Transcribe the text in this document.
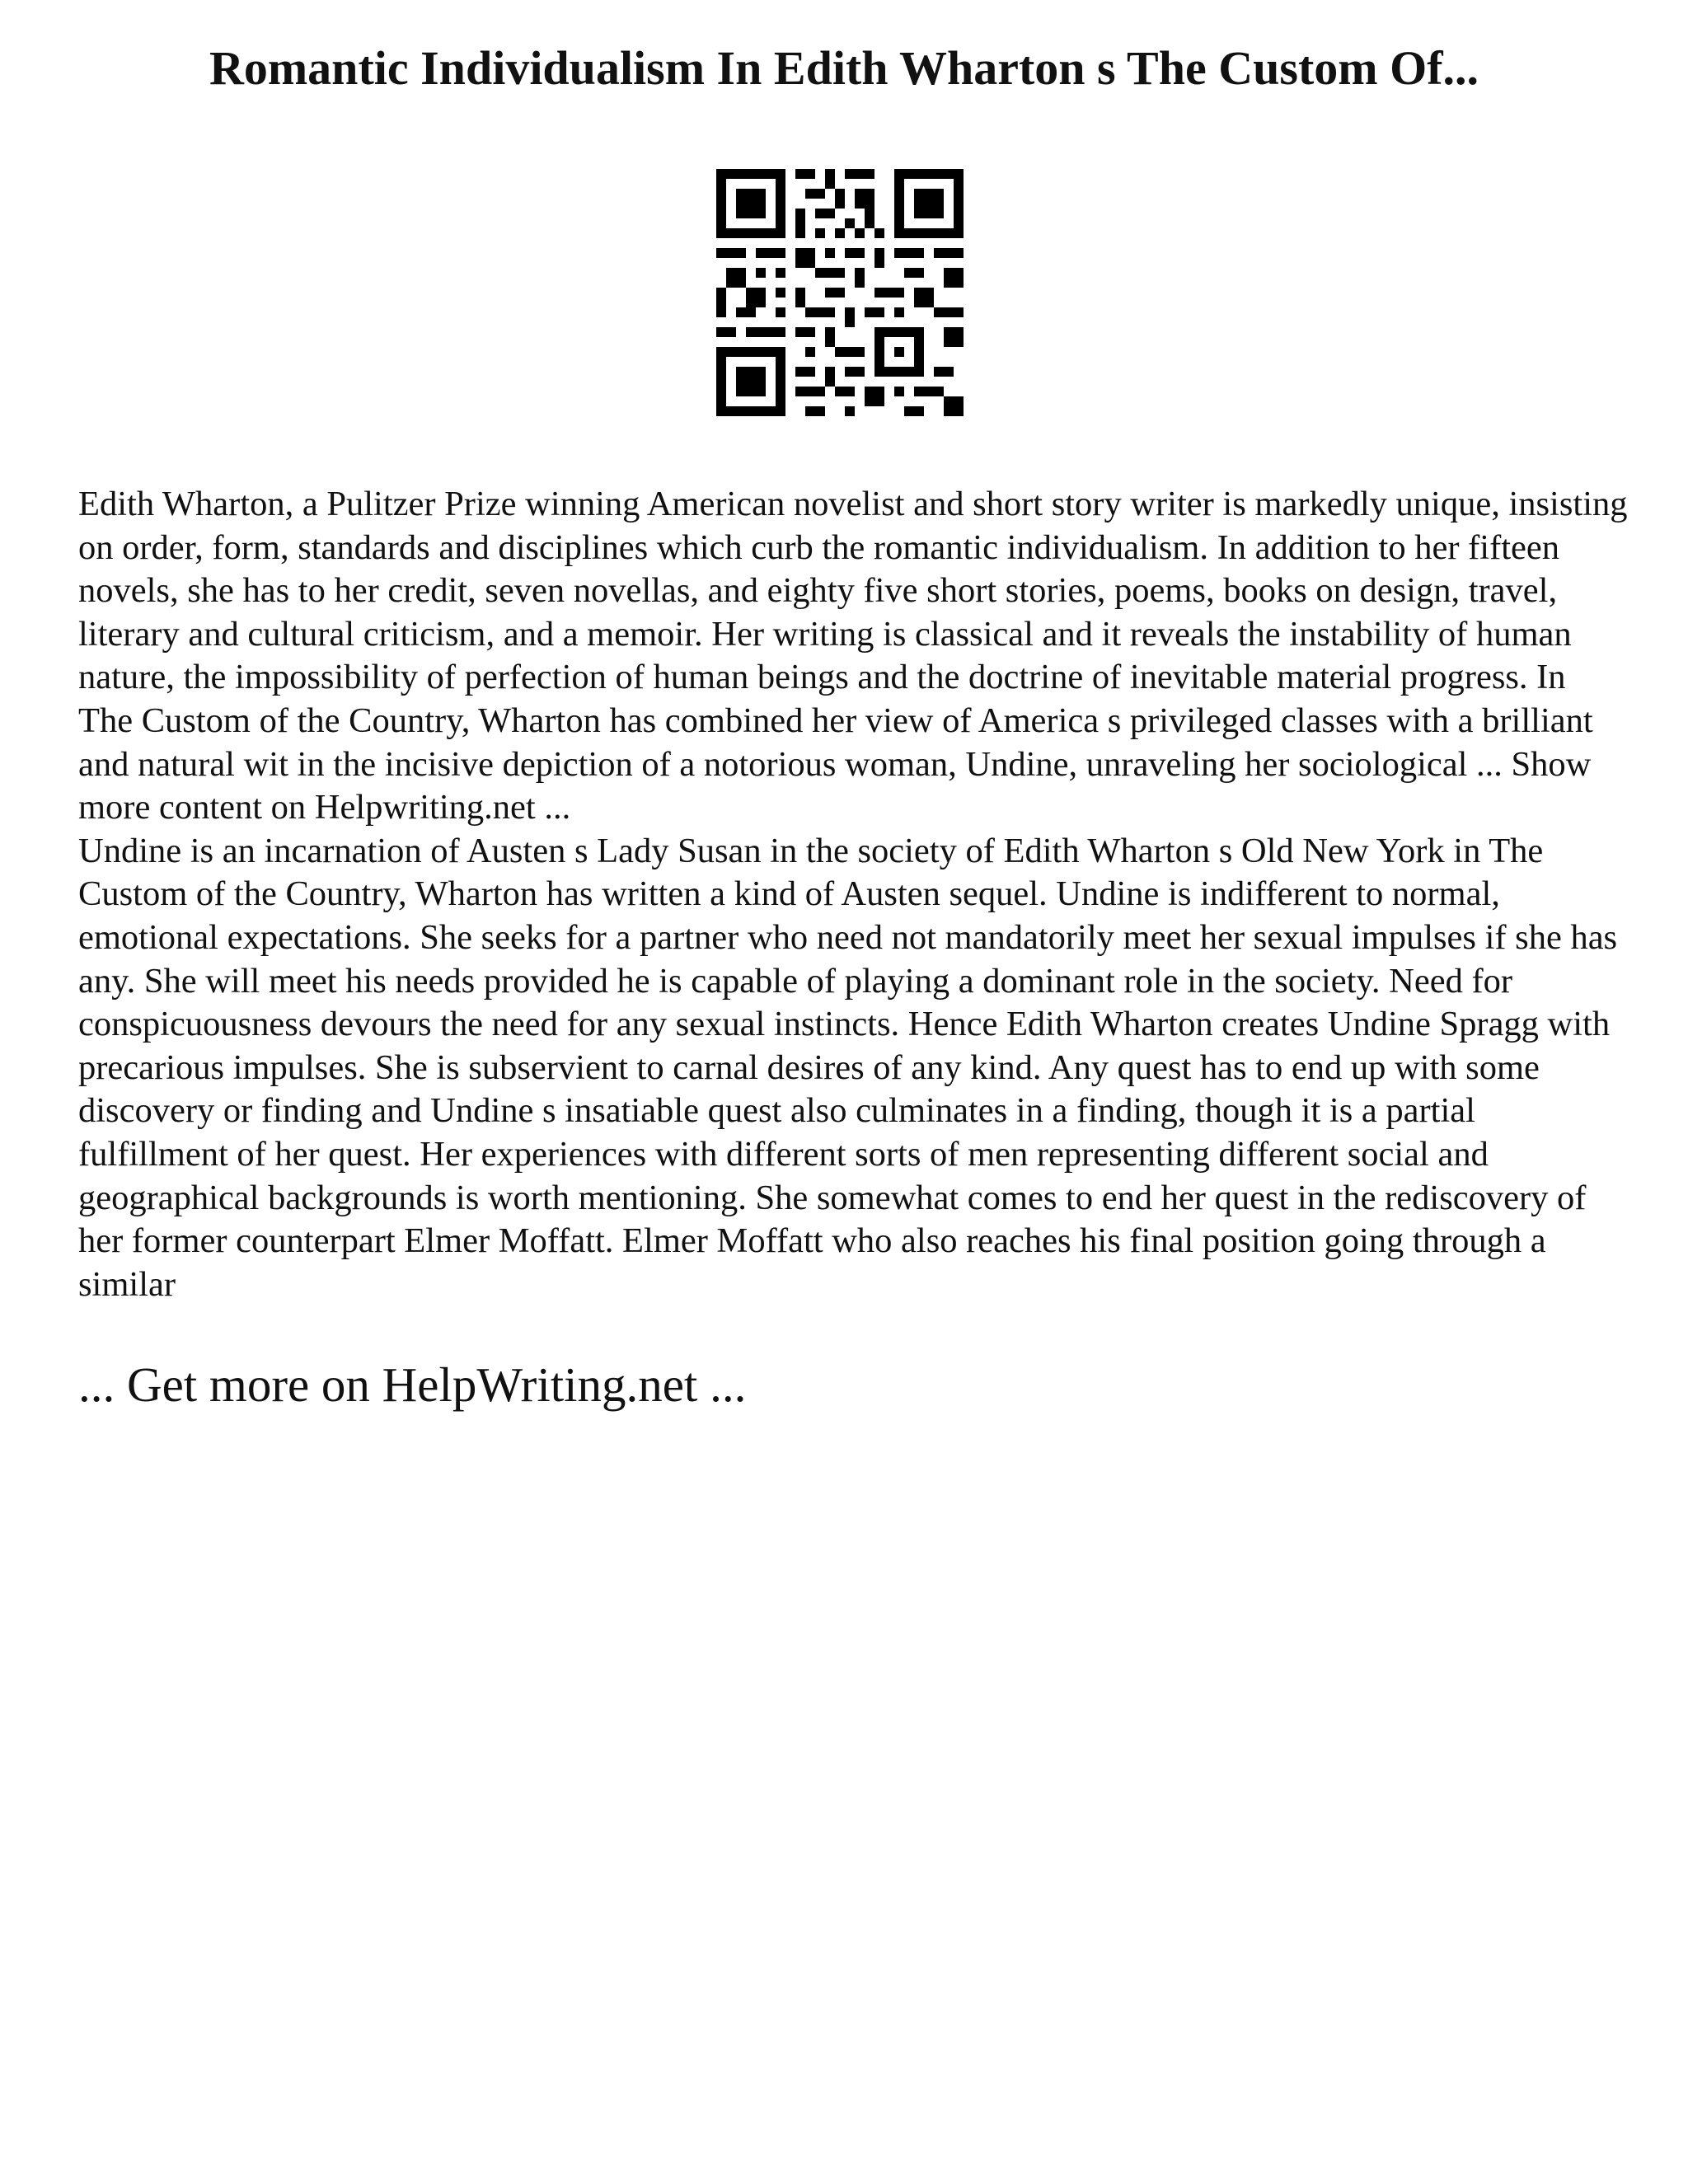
Romantic Individualism In Edith Wharton s The Custom Of...

Edith Wharton, a Pulitzer Prize winning American novelist and short story writer is markedly unique, insisting on order, form, standards and disciplines which curb the romantic individualism. In addition to her fifteen novels, she has to her credit, seven novellas, and eighty five short stories, poems, books on design, travel, literary and cultural criticism, and a memoir. Her writing is classical and it reveals the instability of human nature, the impossibility of perfection of human beings and the doctrine of inevitable material progress. In The Custom of the Country, Wharton has combined her view of America s privileged classes with a brilliant and natural wit in the incisive depiction of a notorious woman, Undine, unraveling her sociological ... Show more content on Helpwriting.net ...

Undine is an incarnation of Austen s Lady Susan in the society of Edith Wharton s Old New York in The Custom of the Country, Wharton has written a kind of Austen sequel. Undine is indifferent to normal, emotional expectations. She seeks for a partner who need not mandatorily meet her sexual impulses if she has any. She will meet his needs provided he is capable of playing a dominant role in the society. Need for conspicuousness devours the need for any sexual instincts. Hence Edith Wharton creates Undine Spragg with precarious impulses. She is subservient to carnal desires of any kind. Any quest has to end up with some discovery or finding and Undine s insatiable quest also culminates in a finding, though it is a partial fulfillment of her quest. Her experiences with different sorts of men representing different social and geographical backgrounds is worth mentioning. She somewhat comes to end her quest in the rediscovery of her former counterpart Elmer Moffatt. Elmer Moffatt who also reaches his final position going through a similar

... Get more on HelpWriting.net ...
